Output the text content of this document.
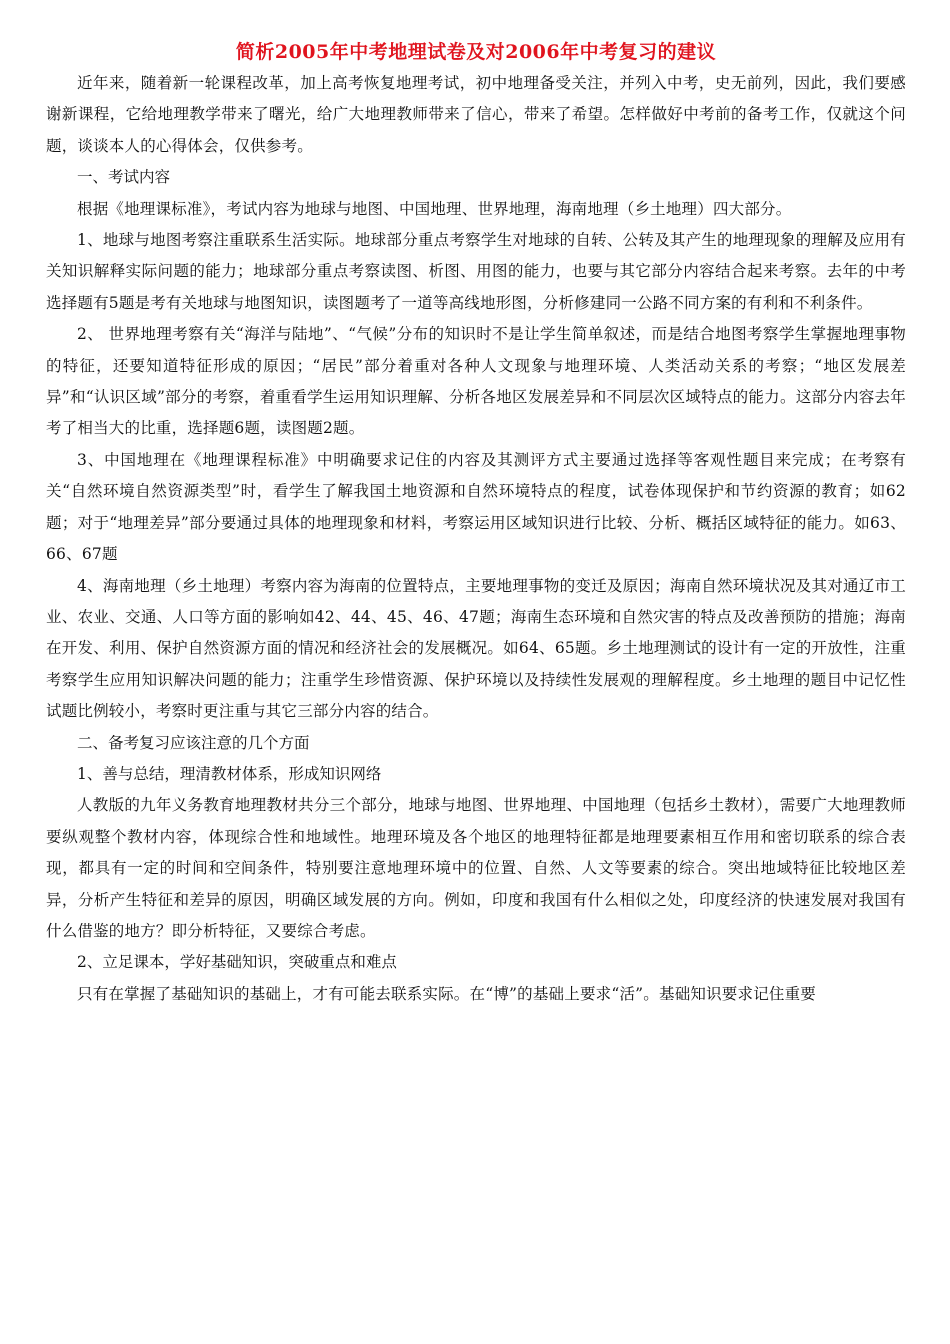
简析2005年中考地理试卷及对2006年中考复习的建议

近年来，随着新一轮课程改革，加上高考恢复地理考试，初中地理备受关注，并列入中考，史无前列，因此，我们要感谢新课程，它给地理教学带来了曙光，给广大地理教师带来了信心，带来了希望。怎样做好中考前的备考工作，仅就这个问题，谈谈本人的心得体会，仅供参考。

一、考试内容

根据《地理课标准》，考试内容为地球与地图、中国地理、世界地理，海南地理（乡土地理）四大部分。

1、地球与地图考察注重联系生活实际。地球部分重点考察学生对地球的自转、公转及其产生的地理现象的理解及应用有关知识解释实际问题的能力；地球部分重点考察读图、析图、用图的能力，也要与其它部分内容结合起来考察。去年的中考选择题有5题是考有关地球与地图知识，读图题考了一道等高线地形图，分析修建同一公路不同方案的有利和不利条件。

2、 世界地理考察有关“海洋与陆地”、“气候”分布的知识时不是让学生简单叙述，而是结合地图考察学生掌握地理事物的特征，还要知道特征形成的原因；“居民”部分着重对各种人文现象与地理环境、人类活动关系的考察；“地区发展差异”和“认识区域”部分的考察，着重看学生运用知识理解、分析各地区发展差异和不同层次区域特点的能力。这部分内容去年考了相当大的比重，选择题6题，读图题2题。

3、中国地理在《地理课程标准》中明确要求记住的内容及其测评方式主要通过选择等客观性题目来完成；在考察有关“自然环境自然资源类型”时，看学生了解我国土地资源和自然环境特点的程度，试卷体现保护和节约资源的教育；如62题；对于“地理差异”部分要通过具体的地理现象和材料，考察运用区域知识进行比较、分析、概括区域特征的能力。如63、66、67题

4、海南地理（乡土地理）考察内容为海南的位置特点，主要地理事物的变迁及原因；海南自然环境状况及其对通辽市工业、农业、交通、人口等方面的影响如42、44、45、46、47题；海南生态环境和自然灾害的特点及改善预防的措施；海南在开发、利用、保护自然资源方面的情况和经济社会的发展概况。如64、65题。乡土地理测试的设计有一定的开放性，注重考察学生应用知识解决问题的能力；注重学生珍惜资源、保护环境以及持续性发展观的理解程度。乡土地理的题目中记忆性试题比例较小，考察时更注重与其它三部分内容的结合。

二、备考复习应该注意的几个方面

1、善与总结，理清教材体系，形成知识网络

人教版的九年义务教育地理教材共分三个部分，地球与地图、世界地理、中国地理（包括乡土教材），需要广大地理教师要纵观整个教材内容，体现综合性和地域性。地理环境及各个地区的地理特征都是地理要素相互作用和密切联系的综合表现，都具有一定的时间和空间条件，特别要注意地理环境中的位置、自然、人文等要素的综合。突出地域特征比较地区差异，分析产生特征和差异的原因，明确区域发展的方向。例如，印度和我国有什么相似之处，印度经济的快速发展对我国有什么借鉴的地方？即分析特征，又要综合考虑。

2、立足课本，学好基础知识，突破重点和难点

只有在掌握了基础知识的基础上，才有可能去联系实际。在“博”的基础上要求“活”。基础知识要求记住重要
